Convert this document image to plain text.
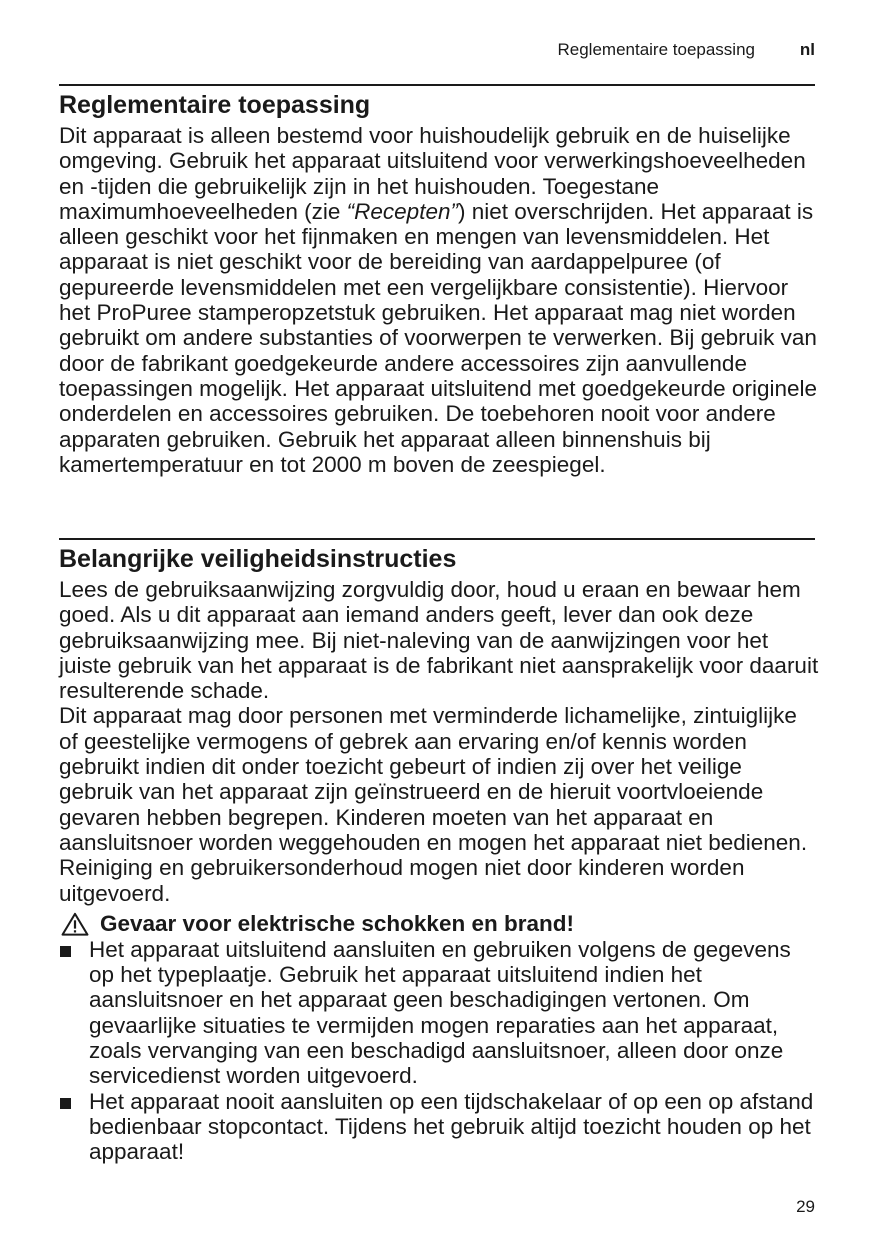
Reglementaire toepassing	nl
Reglementaire toepassing

Dit apparaat is alleen bestemd voor huishoudelijk gebruik en de huiselijke omgeving. Gebruik het apparaat uitsluitend voor verwerkingshoeveelheden en -tijden die gebruikelijk zijn in het huishouden. Toegestane maximumhoeveelheden (zie “Recepten”) niet overschrijden. Het apparaat is alleen geschikt voor het fijnmaken en mengen van levensmiddelen. Het apparaat is niet geschikt voor de bereiding van aardappelpuree (of gepureerde levensmiddelen met een vergelijkbare consistentie). Hiervoor het ProPuree stamperopzetstuk gebruiken. Het apparaat mag niet worden gebruikt om andere substanties of voorwerpen te verwerken. Bij gebruik van door de fabrikant goedgekeurde andere accessoires zijn aanvullende toepassingen mogelijk. Het apparaat uitsluitend met goedgekeurde originele onderdelen en accessoires gebruiken. De toebehoren nooit voor andere apparaten gebruiken. Gebruik het apparaat alleen binnenshuis bij kamertemperatuur en tot 2000 m boven de zeespiegel.

Belangrijke veiligheidsinstructies

Lees de gebruiksaanwijzing zorgvuldig door, houd u eraan en bewaar hem goed. Als u dit apparaat aan iemand anders geeft, lever dan ook deze gebruiksaanwijzing mee. Bij niet-naleving van de aanwijzingen voor het juiste gebruik van het apparaat is de fabrikant niet aansprakelijk voor daaruit resulterende schade.

Dit apparaat mag door personen met verminderde lichamelijke, zintuiglijke of geestelijke vermogens of gebrek aan ervaring en/of kennis worden gebruikt indien dit onder toezicht gebeurt of indien zij over het veilige gebruik van het apparaat zijn geïnstrueerd en de hieruit voortvloeiende gevaren hebben begrepen. Kinderen moeten van het apparaat en aansluitsnoer worden weggehouden en mogen het apparaat niet bedienen. Reiniging en gebruikersonderhoud mogen niet door kinderen worden uitgevoerd.

Gevaar voor elektrische schokken en brand!

Het apparaat uitsluitend aansluiten en gebruiken volgens de gegevens op het typeplaatje. Gebruik het apparaat uitsluitend indien het aansluitsnoer en het apparaat geen beschadigingen vertonen. Om gevaarlijke situaties te vermijden mogen reparaties aan het apparaat, zoals vervanging van een beschadigd aansluitsnoer, alleen door onze servicedienst worden uitgevoerd.
Het apparaat nooit aansluiten op een tijdschakelaar of op een op afstand bedienbaar stopcontact. Tijdens het gebruik altijd toezicht houden op het apparaat!
29
